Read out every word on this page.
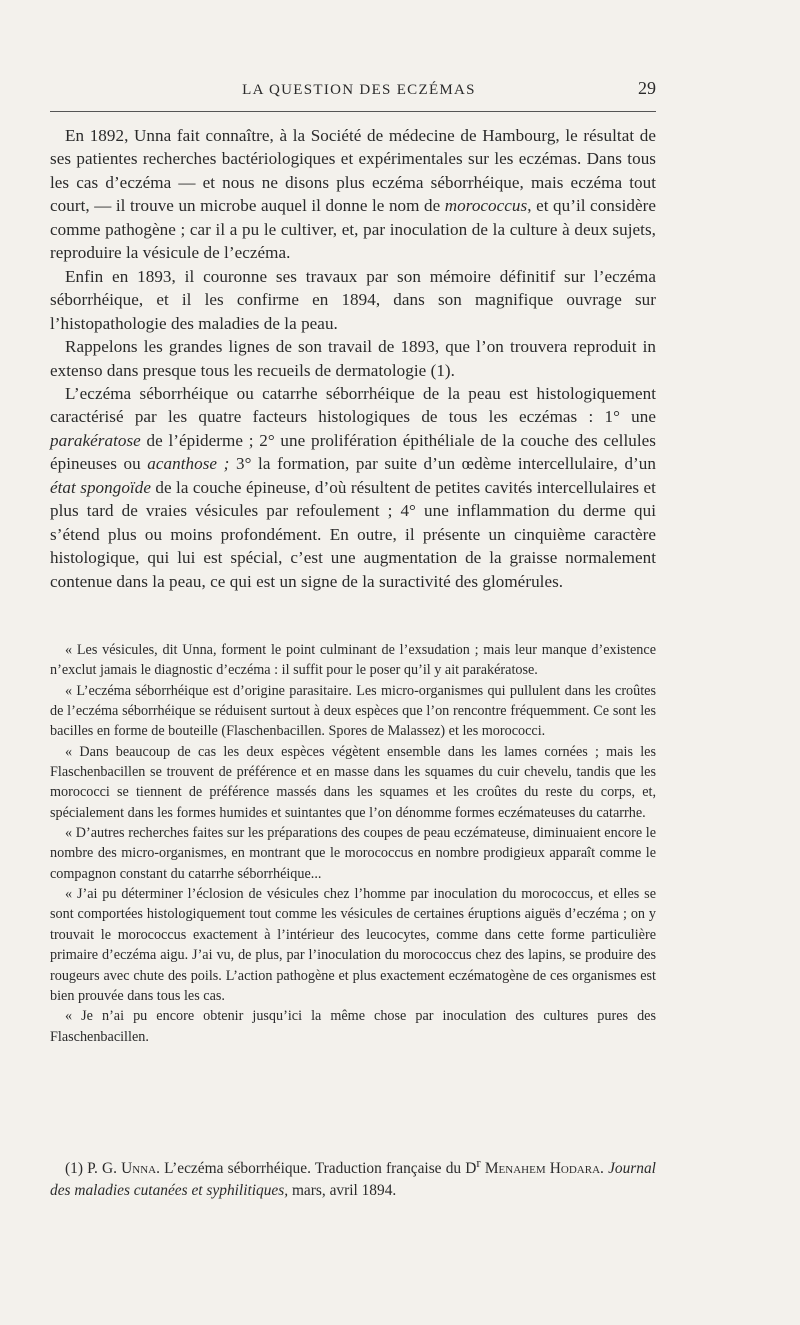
LA QUESTION DES ECZÉMAS	29

En 1892, Unna fait connaître, à la Société de médecine de Hambourg, le résultat de ses patientes recherches bactériologiques et expérimentales sur les eczémas. Dans tous les cas d’eczéma — et nous ne disons plus eczéma séborrhéique, mais eczéma tout court, — il trouve un microbe auquel il donne le nom de morococcus, et qu’il considère comme pathogène ; car il a pu le cultiver, et, par inoculation de la culture à deux sujets, reproduire la vésicule de l’eczéma.

Enfin en 1893, il couronne ses travaux par son mémoire définitif sur l’eczéma séborrhéique, et il les confirme en 1894, dans son magnifique ouvrage sur l’histopathologie des maladies de la peau.

Rappelons les grandes lignes de son travail de 1893, que l’on trouvera reproduit in extenso dans presque tous les recueils de dermatologie (1).

L’eczéma séborrhéique ou catarrhe séborrhéique de la peau est histologiquement caractérisé par les quatre facteurs histologiques de tous les eczémas : 1° une parakératose de l’épiderme ; 2° une prolifération épithéliale de la couche des cellules épineuses ou acanthose ; 3° la formation, par suite d’un œdème intercellulaire, d’un état spongoïde de la couche épineuse, d’où résultent de petites cavités intercellulaires et plus tard de vraies vésicules par refoulement ; 4° une inflammation du derme qui s’étend plus ou moins profondément. En outre, il présente un cinquième caractère histologique, qui lui est spécial, c’est une augmentation de la graisse normalement contenue dans la peau, ce qui est un signe de la suractivité des glomérules.

« Les vésicules, dit Unna, forment le point culminant de l’exsudation ; mais leur manque d’existence n’exclut jamais le diagnostic d’eczéma : il suffit pour le poser qu’il y ait parakératose.

« L’eczéma séborrhéique est d’origine parasitaire. Les micro-organismes qui pullulent dans les croûtes de l’eczéma séborrhéique se réduisent surtout à deux espèces que l’on rencontre fréquemment. Ce sont les bacilles en forme de bouteille (Flaschenbacillen. Spores de Malassez) et les morococci.

« Dans beaucoup de cas les deux espèces végètent ensemble dans les lames cornées ; mais les Flaschenbacillen se trouvent de préférence et en masse dans les squames du cuir chevelu, tandis que les morococci se tiennent de préférence massés dans les squames et les croûtes du reste du corps, et, spécialement dans les formes humides et suintantes que l’on dénomme formes eczémateuses du catarrhe.

« D’autres recherches faites sur les préparations des coupes de peau eczémateuse, diminuaient encore le nombre des micro-organismes, en montrant que le morococcus en nombre prodigieux apparaît comme le compagnon constant du catarrhe séborrhéique...

« J’ai pu déterminer l’éclosion de vésicules chez l’homme par inoculation du morococcus, et elles se sont comportées histologiquement tout comme les vésicules de certaines éruptions aiguës d’eczéma ; on y trouvait le morococcus exactement à l’intérieur des leucocytes, comme dans cette forme particulière primaire d’eczéma aigu. J’ai vu, de plus, par l’inoculation du morococcus chez des lapins, se produire des rougeurs avec chute des poils. L’action pathogène et plus exactement eczématogène de ces organismes est bien prouvée dans tous les cas.

« Je n’ai pu encore obtenir jusqu’ici la même chose par inoculation des cultures pures des Flaschenbacillen.

(1) P. G. Unna. L’eczéma séborrhéique. Traduction française du $D^r$ Menahem Hodara. Journal des maladies cutanées et syphilitiques, mars, avril 1894.
